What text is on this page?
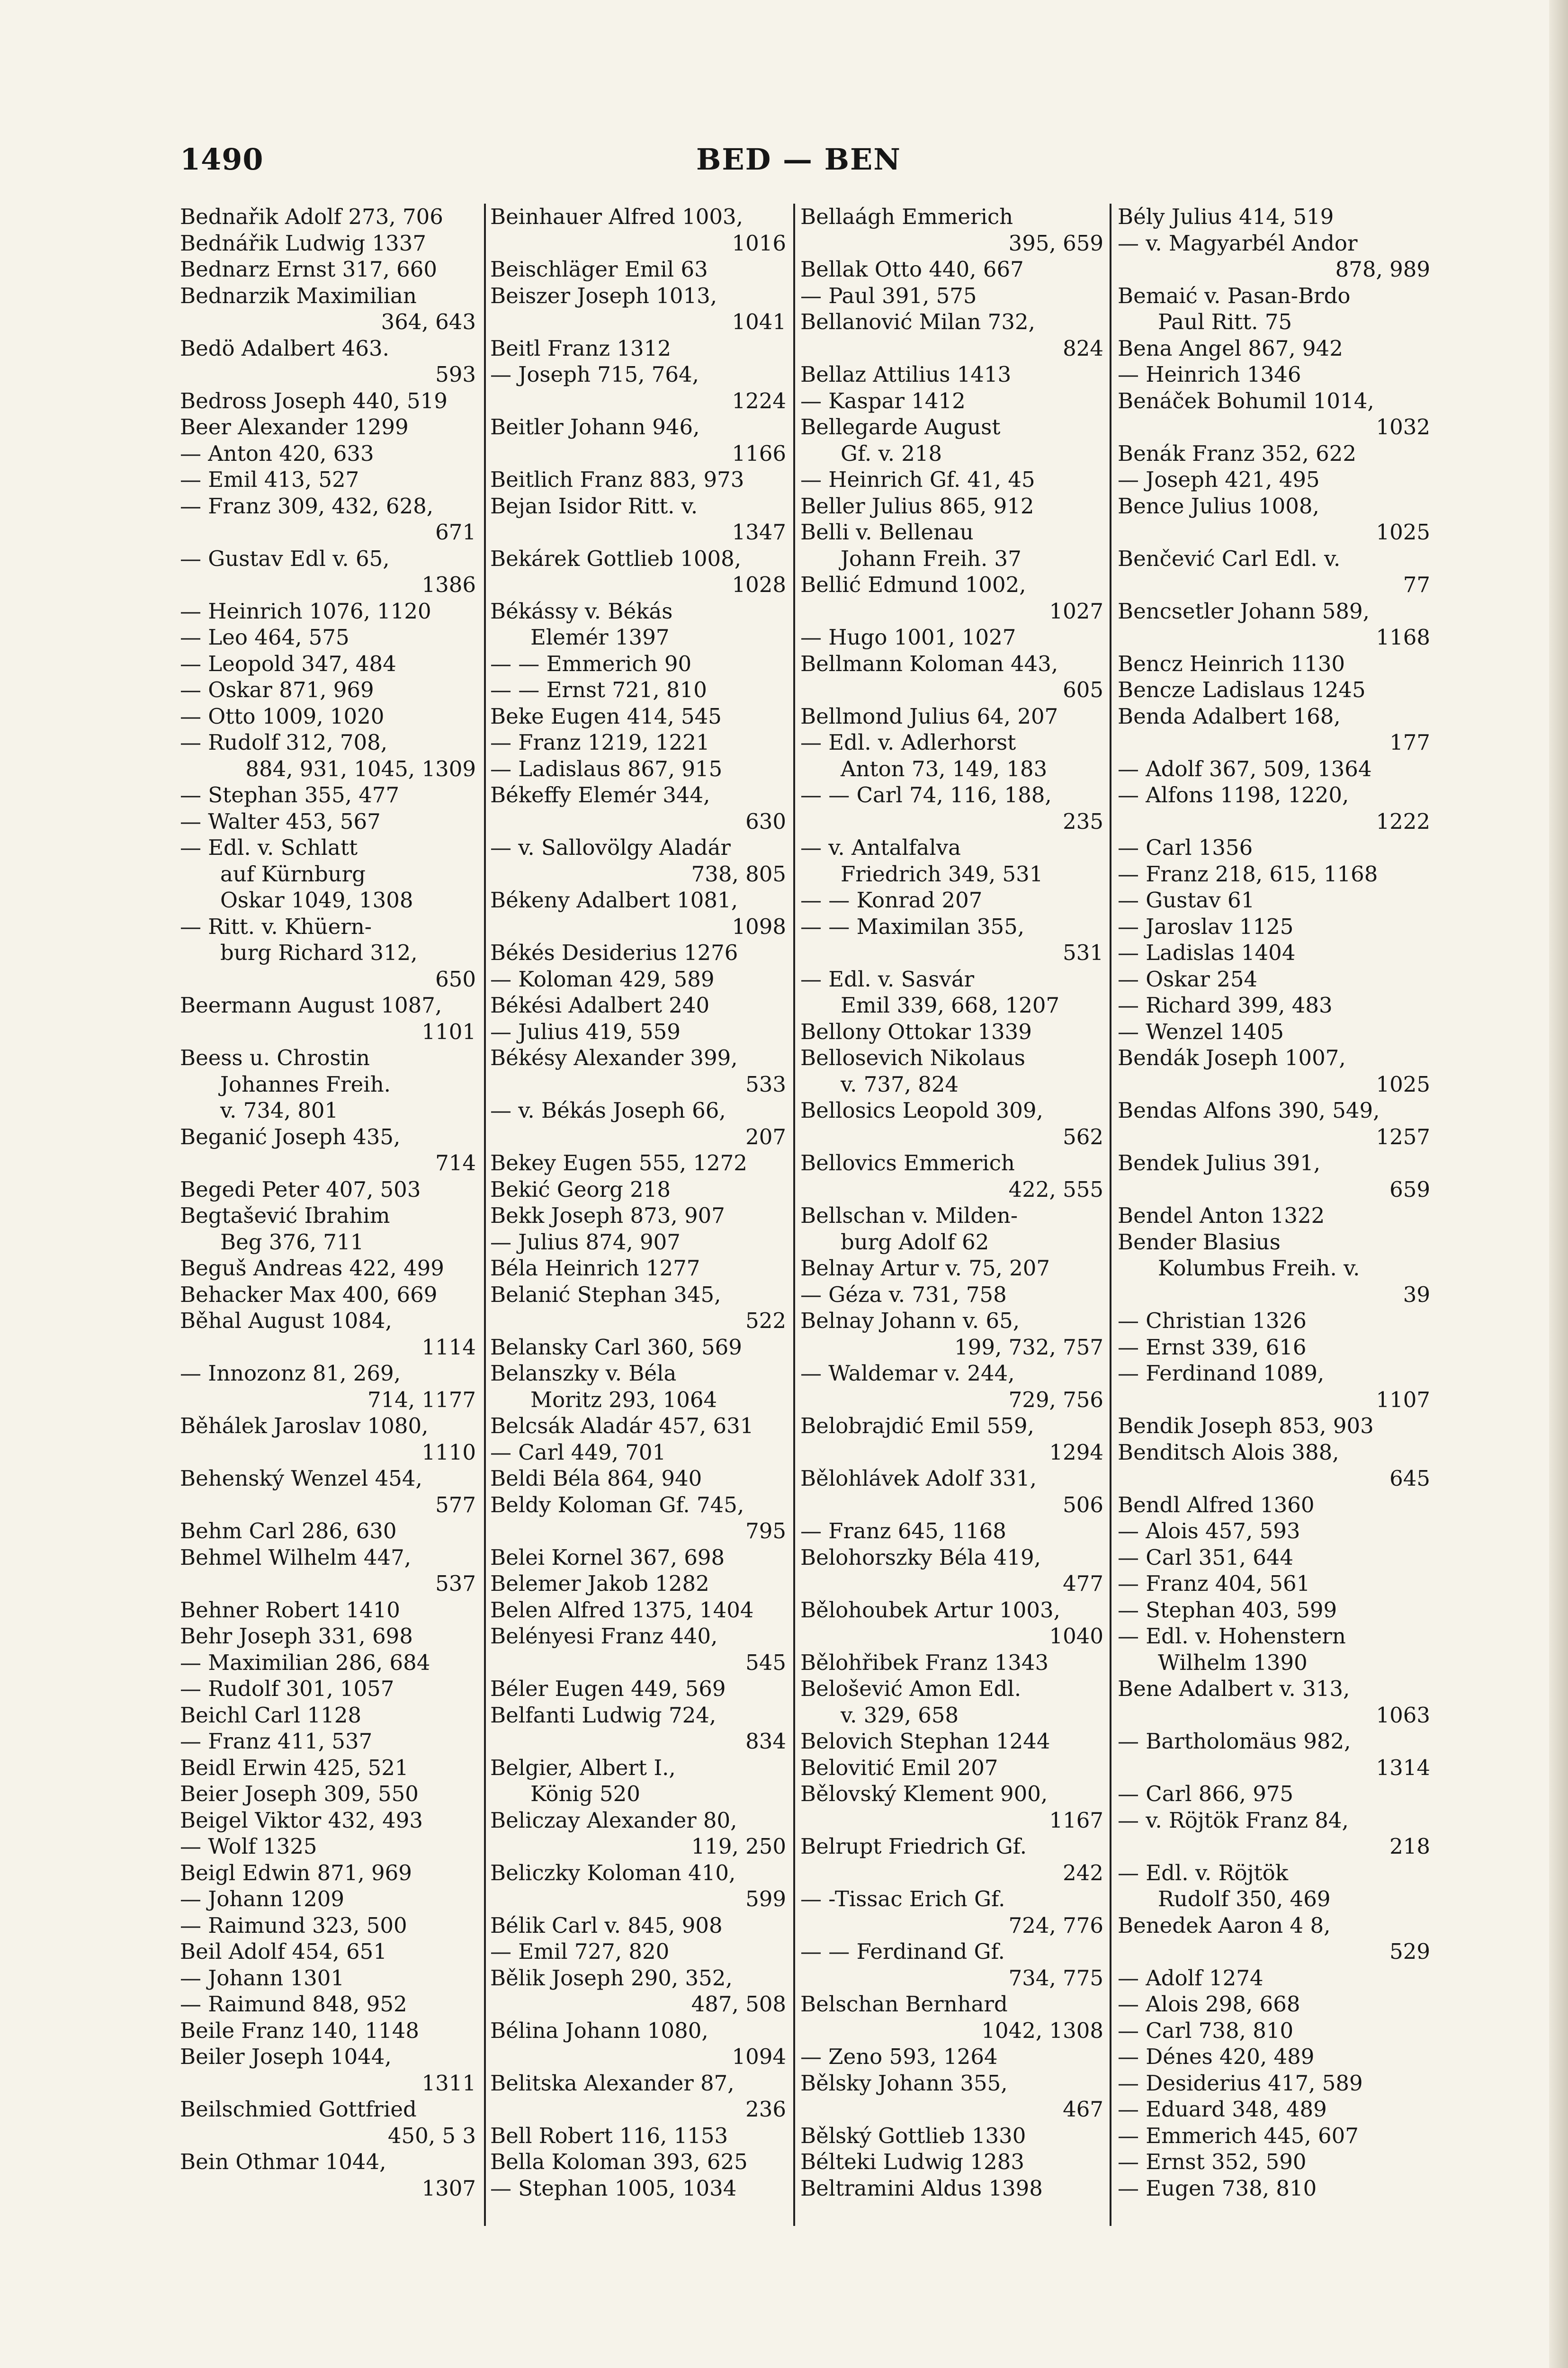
1490	BED — BEN
Bednařik Adolf 273, 706
Bednářik Ludwig 1337
Bednarz Ernst 317, 660
Bednarzik Maximilian
364, 643
Bedö Adalbert 463.
593
Bedross Joseph 440, 519
Beer Alexander 1299
— Anton 420, 633
— Emil 413, 527
— Franz 309, 432, 628,
671
— Gustav Edl v. 65,
1386
— Heinrich 1076, 1120
— Leo 464, 575
— Leopold 347, 484
— Oskar 871, 969
— Otto 1009, 1020
— Rudolf 312, 708,
884, 931, 1045, 1309
— Stephan 355, 477
— Walter 453, 567
— Edl. v. Schlatt
auf Kürnburg
Oskar 1049, 1308
— Ritt. v. Khüern-
burg Richard 312,
650
Beermann August 1087,
1101
Beess u. Chrostin
Johannes Freih.
v. 734, 801
Beganić Joseph 435,
714
Begedi Peter 407, 503
Begtašević Ibrahim
Beg 376, 711
Beguš Andreas 422, 499
Behacker Max 400, 669
Běhal August 1084,
1114
— Innozonz 81, 269,
714, 1177
Běhálek Jaroslav 1080,
1110
Behenský Wenzel 454,
577
Behm Carl 286, 630
Behmel Wilhelm 447,
537
Behner Robert 1410
Behr Joseph 331, 698
— Maximilian 286, 684
— Rudolf 301, 1057
Beichl Carl 1128
— Franz 411, 537
Beidl Erwin 425, 521
Beier Joseph 309, 550
Beigel Viktor 432, 493
— Wolf 1325
Beigl Edwin 871, 969
— Johann 1209
— Raimund 323, 500
Beil Adolf 454, 651
— Johann 1301
— Raimund 848, 952
Beile Franz 140, 1148
Beiler Joseph 1044,
1311
Beilschmied Gottfried
450, 5 3
Bein Othmar 1044,
1307
Beinhauer Alfred 1003,
1016
Beischläger Emil 63
Beiszer Joseph 1013,
1041
Beitl Franz 1312
— Joseph 715, 764,
1224
Beitler Johann 946,
1166
Beitlich Franz 883, 973
Bejan Isidor Ritt. v.
1347
Bekárek Gottlieb 1008,
1028
Békássy v. Békás
Elemér 1397
— — Emmerich 90
— — Ernst 721, 810
Beke Eugen 414, 545
— Franz 1219, 1221
— Ladislaus 867, 915
Békeffy Elemér 344,
630
— v. Sallovölgy Aladár
738, 805
Békeny Adalbert 1081,
1098
Békés Desiderius 1276
— Koloman 429, 589
Békési Adalbert 240
— Julius 419, 559
Békésy Alexander 399,
533
— v. Békás Joseph 66,
207
Bekey Eugen 555, 1272
Bekić Georg 218
Bekk Joseph 873, 907
— Julius 874, 907
Béla Heinrich 1277
Belanić Stephan 345,
522
Belansky Carl 360, 569
Belanszky v. Béla
Moritz 293, 1064
Belcsák Aladár 457, 631
— Carl 449, 701
Beldi Béla 864, 940
Beldy Koloman Gf. 745,
795
Belei Kornel 367, 698
Belemer Jakob 1282
Belen Alfred 1375, 1404
Belényesi Franz 440,
545
Béler Eugen 449, 569
Belfanti Ludwig 724,
834
Belgier, Albert I.,
König 520
Beliczay Alexander 80,
119, 250
Beliczky Koloman 410,
599
Bélik Carl v. 845, 908
— Emil 727, 820
Bělik Joseph 290, 352,
487, 508
Bélina Johann 1080,
1094
Belitska Alexander 87,
236
Bell Robert 116, 1153
Bella Koloman 393, 625
— Stephan 1005, 1034
Bellaágh Emmerich
395, 659
Bellak Otto 440, 667
— Paul 391, 575
Bellanović Milan 732,
824
Bellaz Attilius 1413
— Kaspar 1412
Bellegarde August
Gf. v. 218
— Heinrich Gf. 41, 45
Beller Julius 865, 912
Belli v. Bellenau
Johann Freih. 37
Bellić Edmund 1002,
1027
— Hugo 1001, 1027
Bellmann Koloman 443,
605
Bellmond Julius 64, 207
— Edl. v. Adlerhorst
Anton 73, 149, 183
— — Carl 74, 116, 188,
235
— v. Antalfalva
Friedrich 349, 531
— — Konrad 207
— — Maximilan 355,
531
— Edl. v. Sasvár
Emil 339, 668, 1207
Bellony Ottokar 1339
Bellosevich Nikolaus
v. 737, 824
Bellosics Leopold 309,
562
Bellovics Emmerich
422, 555
Bellschan v. Milden-
burg Adolf 62
Belnay Artur v. 75, 207
— Géza v. 731, 758
Belnay Johann v. 65,
199, 732, 757
— Waldemar v. 244,
729, 756
Belobrajdić Emil 559,
1294
Bělohlávek Adolf 331,
506
— Franz 645, 1168
Belohorszky Béla 419,
477
Bělohoubek Artur 1003,
1040
Bělohřibek Franz 1343
Belošević Amon Edl.
v. 329, 658
Belovich Stephan 1244
Belovitić Emil 207
Bělovský Klement 900,
1167
Belrupt Friedrich Gf.
242
— -Tissac Erich Gf.
724, 776
— — Ferdinand Gf.
734, 775
Belschan Bernhard
1042, 1308
— Zeno 593, 1264
Bělsky Johann 355,
467
Bělský Gottlieb 1330
Bélteki Ludwig 1283
Beltramini Aldus 1398
Bély Julius 414, 519
— v. Magyarbél Andor
878, 989
Bemaić v. Pasan-Brdo
Paul Ritt. 75
Bena Angel 867, 942
— Heinrich 1346
Benáček Bohumil 1014,
1032
Benák Franz 352, 622
— Joseph 421, 495
Bence Julius 1008,
1025
Benčević Carl Edl. v.
77
Bencsetler Johann 589,
1168
Bencz Heinrich 1130
Bencze Ladislaus 1245
Benda Adalbert 168,
177
— Adolf 367, 509, 1364
— Alfons 1198, 1220,
1222
— Carl 1356
— Franz 218, 615, 1168
— Gustav 61
— Jaroslav 1125
— Ladislas 1404
— Oskar 254
— Richard 399, 483
— Wenzel 1405
Bendák Joseph 1007,
1025
Bendas Alfons 390, 549,
1257
Bendek Julius 391,
659
Bendel Anton 1322
Bender Blasius
Kolumbus Freih. v.
39
— Christian 1326
— Ernst 339, 616
— Ferdinand 1089,
1107
Bendik Joseph 853, 903
Benditsch Alois 388,
645
Bendl Alfred 1360
— Alois 457, 593
— Carl 351, 644
— Franz 404, 561
— Stephan 403, 599
— Edl. v. Hohenstern
Wilhelm 1390
Bene Adalbert v. 313,
1063
— Bartholomäus 982,
1314
— Carl 866, 975
— v. Röjtök Franz 84,
218
— Edl. v. Röjtök
Rudolf 350, 469
Benedek Aaron 4 8,
529
— Adolf 1274
— Alois 298, 668
— Carl 738, 810
— Dénes 420, 489
— Desiderius 417, 589
— Eduard 348, 489
— Emmerich 445, 607
— Ernst 352, 590
— Eugen 738, 810
